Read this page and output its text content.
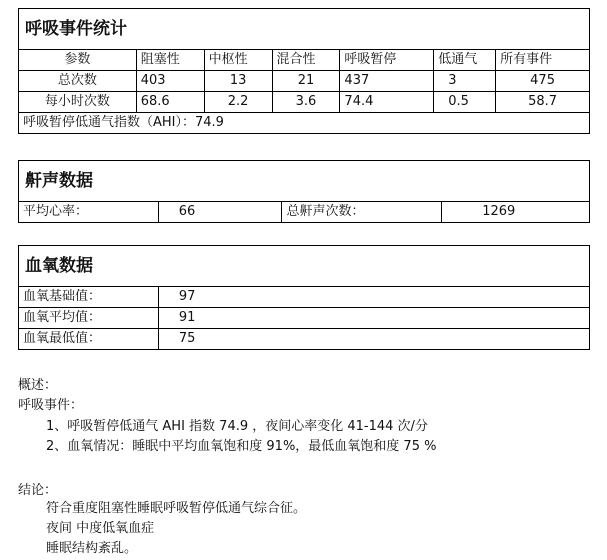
呼吸事件统计						
参数	阻塞性	中枢性	混合性	呼吸暂停	低通气	所有事件
总次数	403	13	21	437	3	475
每小时次数	68.6	2.2	3.6	74.4	0.5	58.7
呼吸暂停低通气指数（AHI）：74.9						
鼾声数据
平均心率：	66	总鼾声次数：	1269
血氧数据	
血氧基础值：	97
血氧平均值：	91
血氧最低值：	75
概述：
呼吸事件：
1、呼吸暂停低通气 AHI 指数 74.9 ，夜间心率变化 41-144 次/分
2、血氧情况：睡眠中平均血氧饱和度 91%，最低血氧饱和度 75 %
结论：
符合重度阻塞性睡眠呼吸暂停低通气综合征。
夜间 中度低氧血症
睡眠结构紊乱。
